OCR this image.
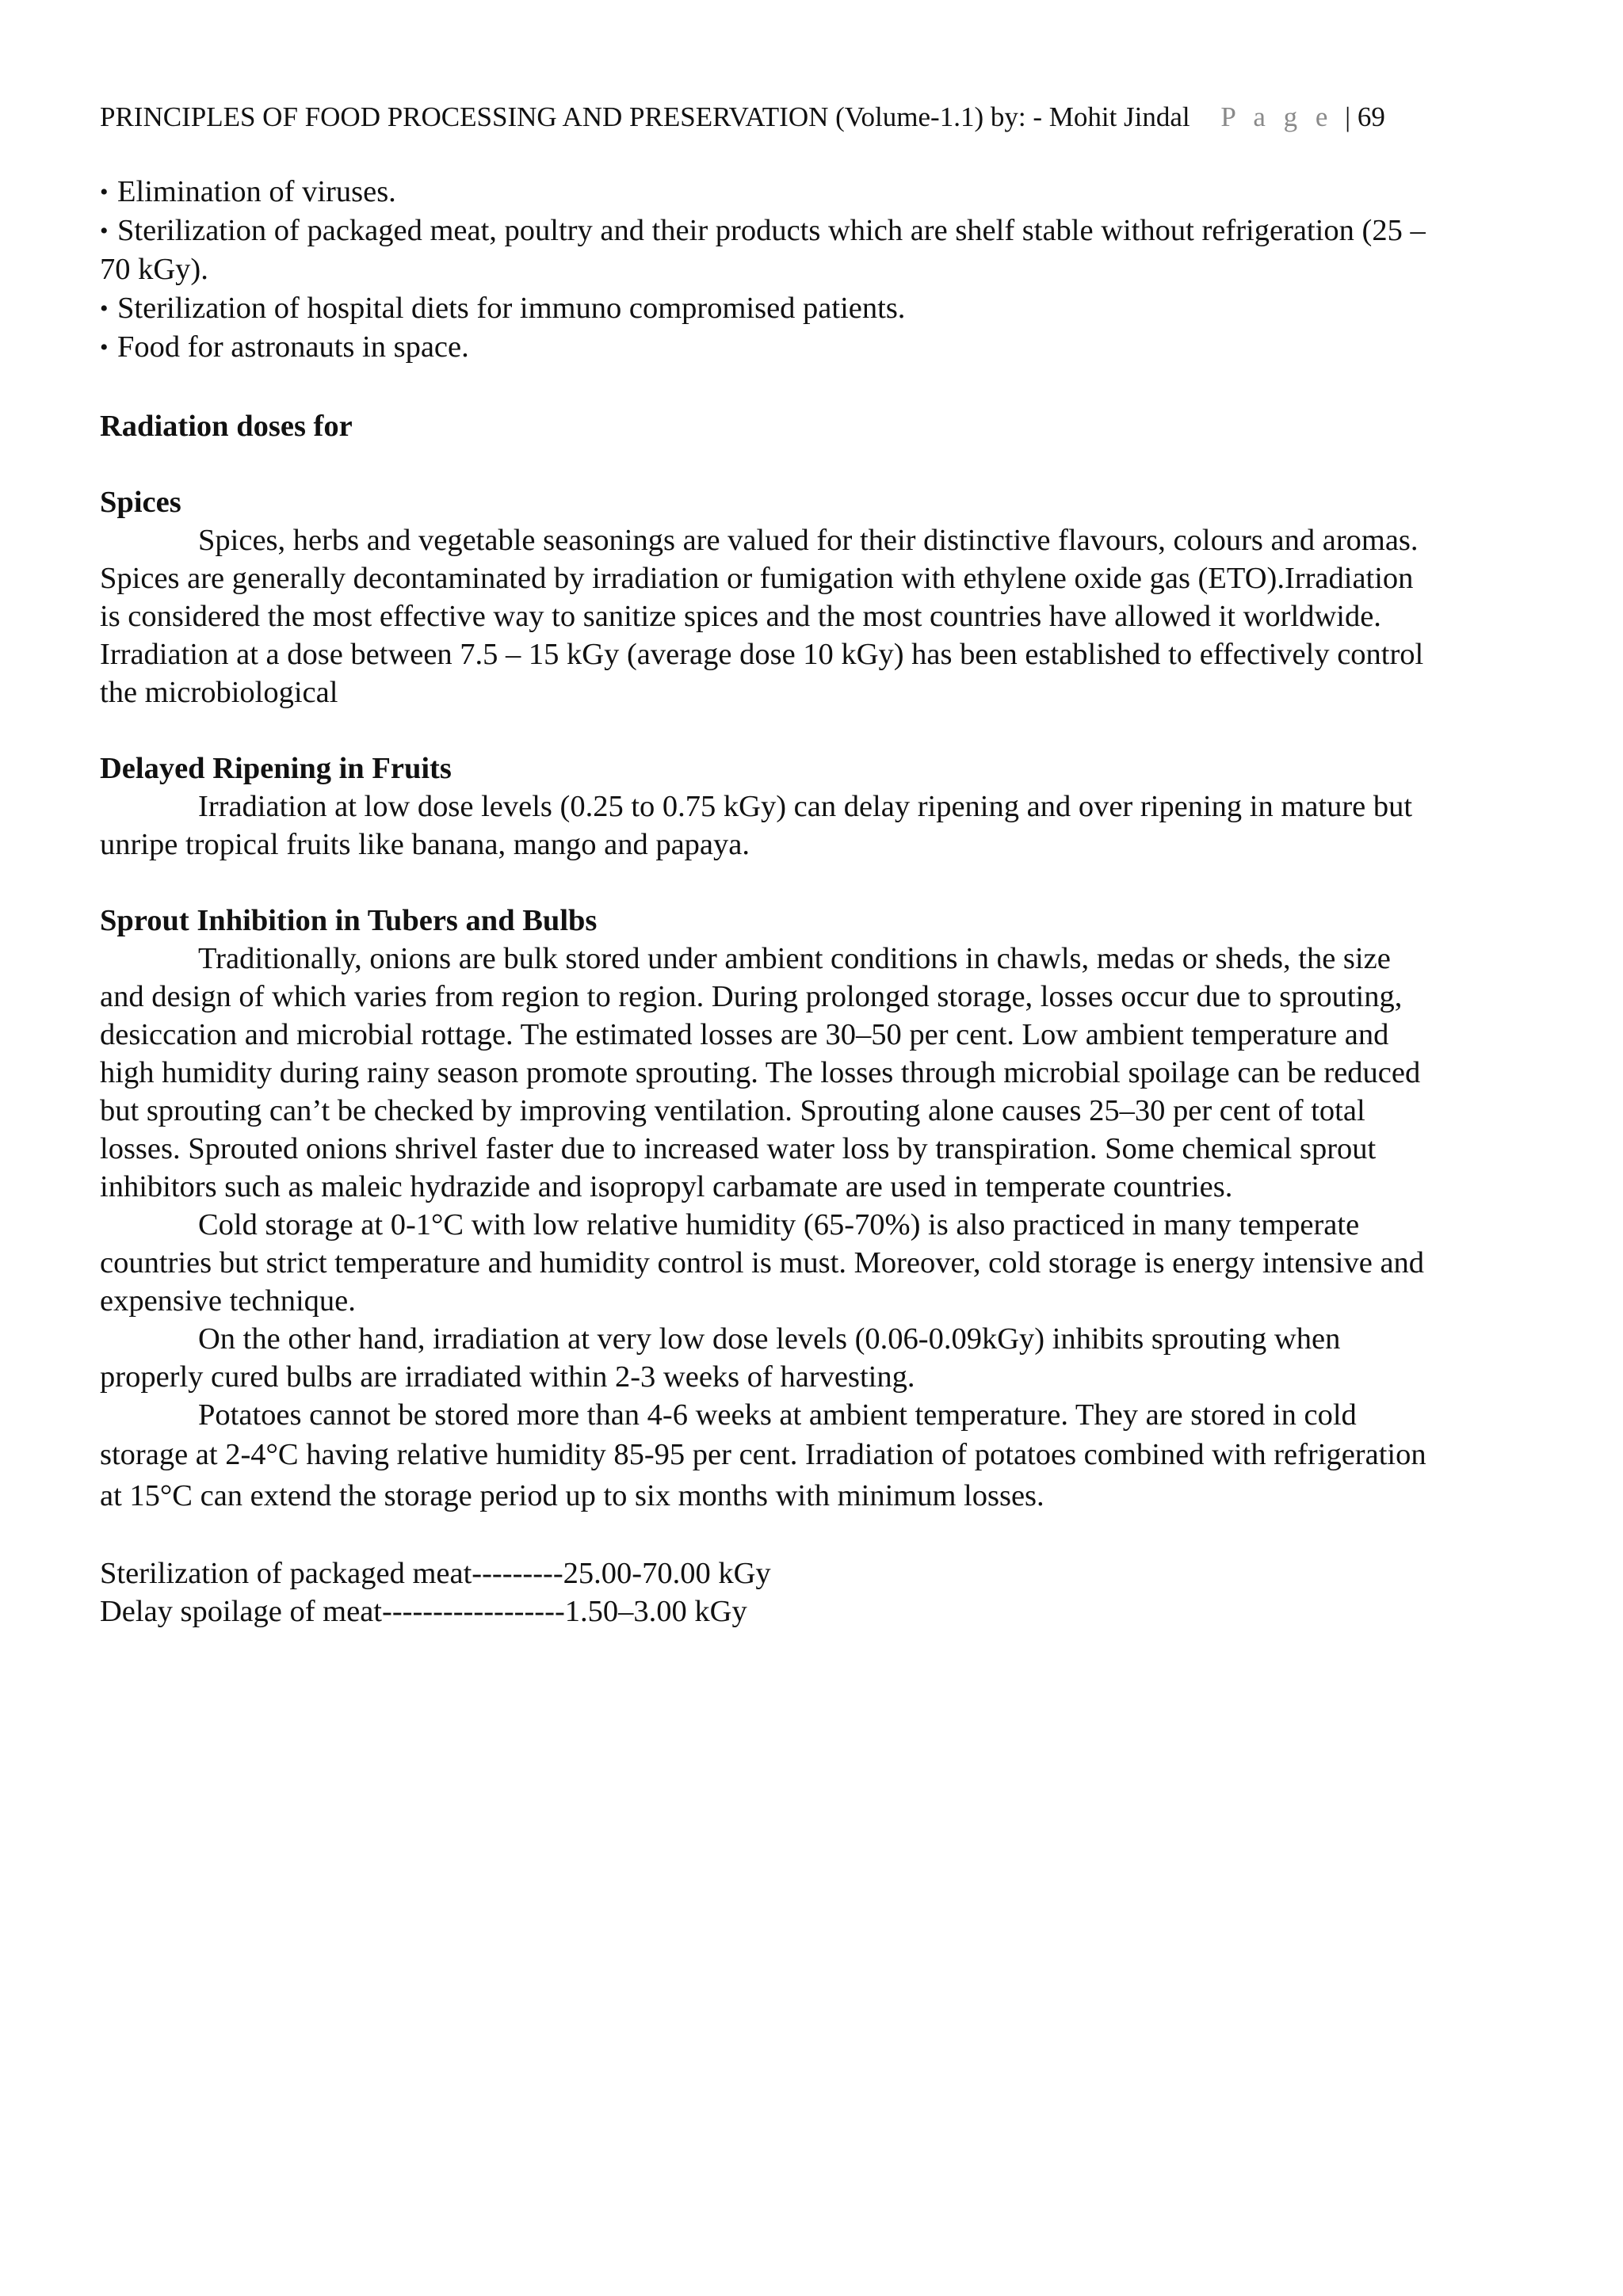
PRINCIPLES OF FOOD PROCESSING AND PRESERVATION (Volume-1.1) by: - Mohit Jindal P a g e | 69
• Elimination of viruses.
• Sterilization of packaged meat, poultry and their products which are shelf stable without refrigeration (25 –
70 kGy).
• Sterilization of hospital diets for immuno compromised patients.
• Food for astronauts in space.
Radiation doses for
Spices
Spices, herbs and vegetable seasonings are valued for their distinctive flavours, colours and aromas.
Spices are generally decontaminated by irradiation or fumigation with ethylene oxide gas (ETO).Irradiation
is considered the most effective way to sanitize spices and the most countries have allowed it worldwide.
Irradiation at a dose between 7.5 – 15 kGy (average dose 10 kGy) has been established to effectively control
the microbiological
Delayed Ripening in Fruits
Irradiation at low dose levels (0.25 to 0.75 kGy) can delay ripening and over ripening in mature but
unripe tropical fruits like banana, mango and papaya.
Sprout Inhibition in Tubers and Bulbs
Traditionally, onions are bulk stored under ambient conditions in chawls, medas or sheds, the size
and design of which varies from region to region. During prolonged storage, losses occur due to sprouting,
desiccation and microbial rottage. The estimated losses are 30–50 per cent. Low ambient temperature and
high humidity during rainy season promote sprouting. The losses through microbial spoilage can be reduced
but sprouting can’t be checked by improving ventilation. Sprouting alone causes 25–30 per cent of total
losses. Sprouted onions shrivel faster due to increased water loss by transpiration. Some chemical sprout
inhibitors such as maleic hydrazide and isopropyl carbamate are used in temperate countries.
Cold storage at 0-1°C with low relative humidity (65-70%) is also practiced in many temperate
countries but strict temperature and humidity control is must. Moreover, cold storage is energy intensive and
expensive technique.
On the other hand, irradiation at very low dose levels (0.06-0.09kGy) inhibits sprouting when
properly cured bulbs are irradiated within 2-3 weeks of harvesting.
Potatoes cannot be stored more than 4-6 weeks at ambient temperature. They are stored in cold
storage at 2-4°C having relative humidity 85-95 per cent. Irradiation of potatoes combined with refrigeration
at 15°C can extend the storage period up to six months with minimum losses.
Sterilization of packaged meat---------25.00-70.00 kGy
Delay spoilage of meat------------------1.50–3.00 kGy
